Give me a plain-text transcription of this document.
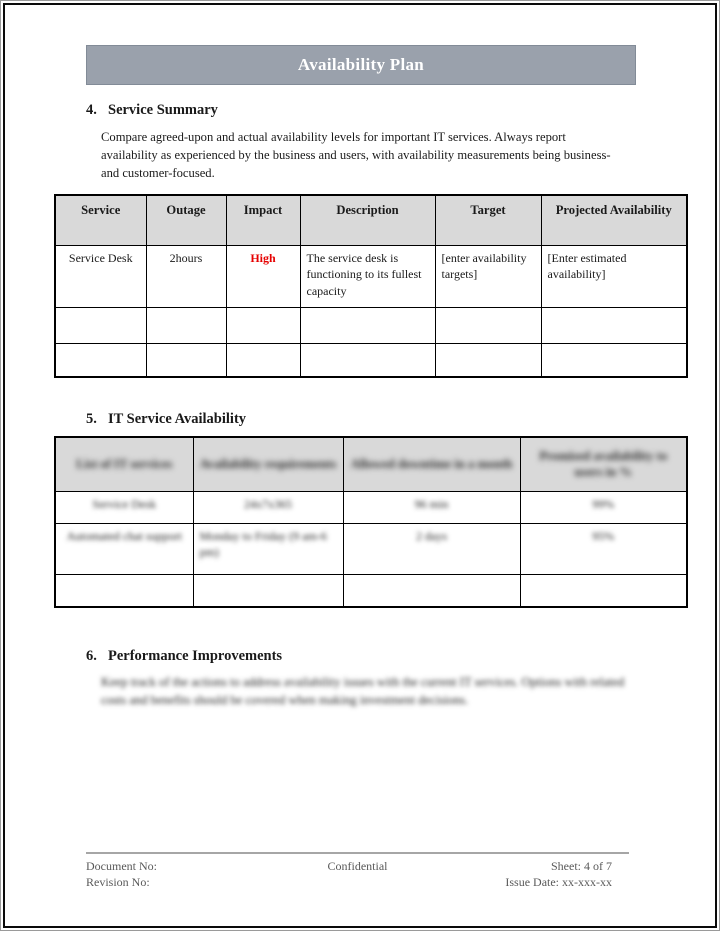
Availability Plan
4. Service Summary
Compare agreed-upon and actual availability levels for important IT services. Always report availability as experienced by the business and users, with availability measurements being business- and customer-focused.
Service	Outage	Impact	Description	Target	Projected Availability
Service Desk	2hours	High	The service desk is functioning to its fullest capacity	[enter availability targets]	[Enter estimated availability]

5. IT Service Availability
List of IT services	Availability requirements	Allowed downtime in a month	Promised availability to users in %
Service Desk	24x7x365	96 min	99%
Automated chat support	Monday to Friday (9 am-6 pm)	2 days	95%

6. Performance Improvements
Keep track of the actions to address availability issues with the current IT services. Options with related costs and benefits should be covered when making investment decisions.
Document No:
Revision No:
Confidential	Sheet: 4 of 7
Issue Date: xx-xxx-xx
